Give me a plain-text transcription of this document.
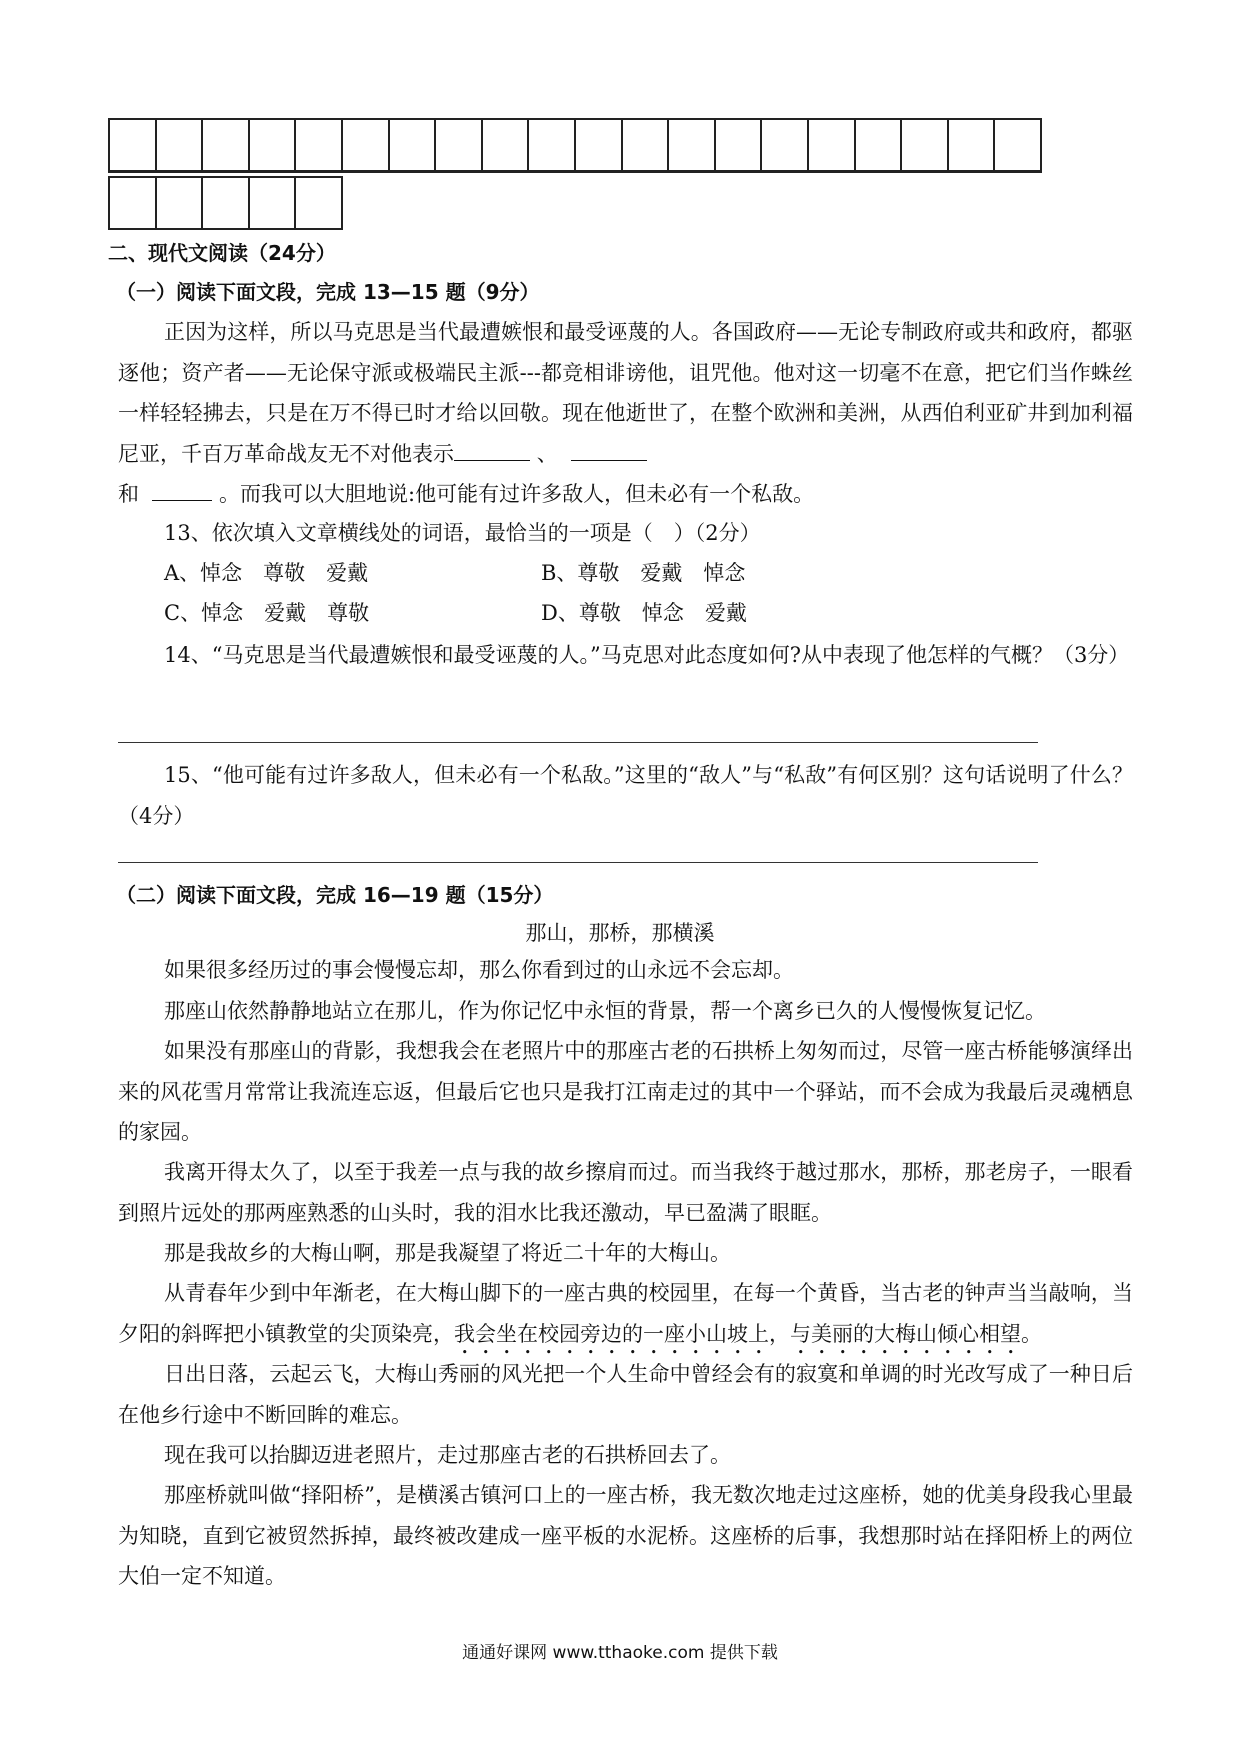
二、现代文阅读（24分）
（一）阅读下面文段，完成 13—15 题（9分）
正因为这样，所以马克思是当代最遭嫉恨和最受诬蔑的人。各国政府——无论专制政府或共和政府，都驱逐他；资产者——无论保守派或极端民主派---都竞相诽谤他，诅咒他。他对这一切毫不在意，把它们当作蛛丝一样轻轻拂去，只是在万不得已时才给以回敬。现在他逝世了，在整个欧洲和美洲，从西伯利亚矿井到加利福尼亚，千百万革命战友无不对他表示	、
和	。而我可以大胆地说:他可能有过许多敌人，但未必有一个私敌。
13、依次填入文章横线处的词语，最恰当的一项是（　）（2分）
A、悼念　尊敬　爱戴	B、尊敬　爱戴　悼念
C、悼念　爱戴　尊敬	D、尊敬　悼念　爱戴
14、“马克思是当代最遭嫉恨和最受诬蔑的人。”马克思对此态度如何?从中表现了他怎样的气概？（3分）
15、“他可能有过许多敌人，但未必有一个私敌。”这里的“敌人”与“私敌”有何区别？这句话说明了什么？（4分）
（二）阅读下面文段，完成 16—19 题（15分）
那山，那桥，那横溪
如果很多经历过的事会慢慢忘却，那么你看到过的山永远不会忘却。
那座山依然静静地站立在那儿，作为你记忆中永恒的背景，帮一个离乡已久的人慢慢恢复记忆。
如果没有那座山的背影，我想我会在老照片中的那座古老的石拱桥上匆匆而过，尽管一座古桥能够演绎出来的风花雪月常常让我流连忘返，但最后它也只是我打江南走过的其中一个驿站，而不会成为我最后灵魂栖息的家园。
我离开得太久了，以至于我差一点与我的故乡擦肩而过。而当我终于越过那水，那桥，那老房子，一眼看到照片远处的那两座熟悉的山头时，我的泪水比我还激动，早已盈满了眼眶。
那是我故乡的大梅山啊，那是我凝望了将近二十年的大梅山。
从青春年少到中年渐老，在大梅山脚下的一座古典的校园里，在每一个黄昏，当古老的钟声当当敲响，当夕阳的斜晖把小镇教堂的尖顶染亮，我会坐在校园旁边的一座小山坡上，与美丽的大梅山倾心相望。
日出日落，云起云飞，大梅山秀丽的风光把一个人生命中曾经会有的寂寞和单调的时光改写成了一种日后在他乡行途中不断回眸的难忘。
现在我可以抬脚迈进老照片，走过那座古老的石拱桥回去了。
那座桥就叫做“择阳桥”，是横溪古镇河口上的一座古桥，我无数次地走过这座桥，她的优美身段我心里最为知晓，直到它被贸然拆掉，最终被改建成一座平板的水泥桥。这座桥的后事，我想那时站在择阳桥上的两位大伯一定不知道。
通通好课网 www.tthaoke.com 提供下载
